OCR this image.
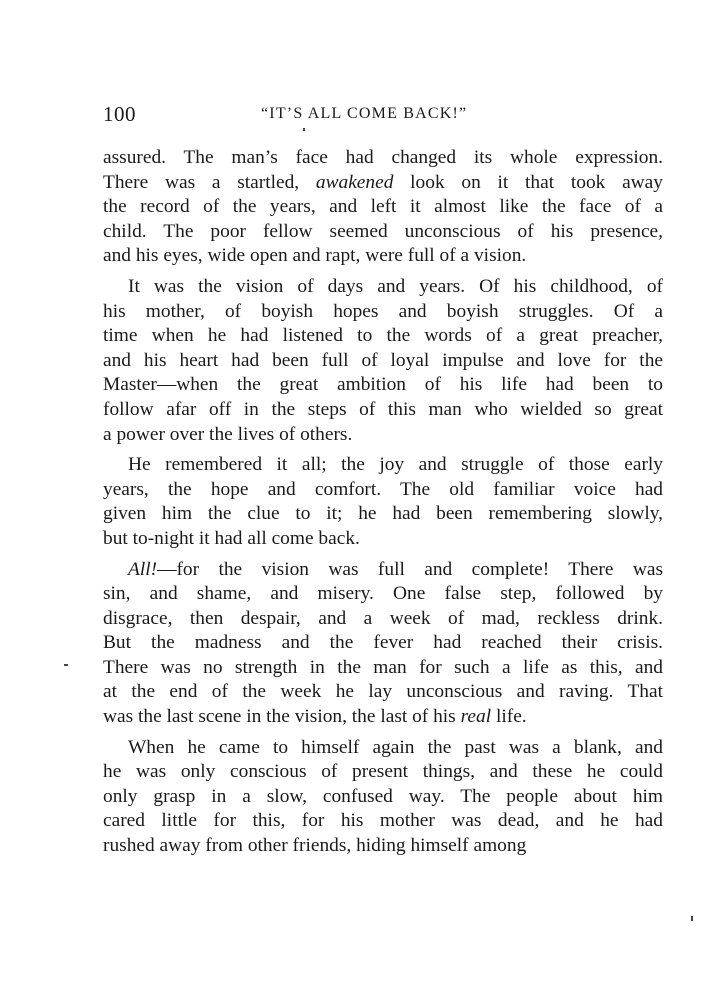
100	“IT’S ALL COME BACK!”
assured. The man’s face had changed its whole expression.
There was a startled, awakened look on it that took away
the record of the years, and left it almost like the face of a
child. The poor fellow seemed unconscious of his presence,
and his eyes, wide open and rapt, were full of a vision.
It was the vision of days and years. Of his childhood, of
his mother, of boyish hopes and boyish struggles. Of a
time when he had listened to the words of a great preacher,
and his heart had been full of loyal impulse and love for the
Master—when the great ambition of his life had been to
follow afar off in the steps of this man who wielded so great
a power over the lives of others.
He remembered it all; the joy and struggle of those early
years, the hope and comfort. The old familiar voice had
given him the clue to it; he had been remembering slowly,
but to-night it had all come back.
All!—for the vision was full and complete! There was
sin, and shame, and misery. One false step, followed by
disgrace, then despair, and a week of mad, reckless drink.
But the madness and the fever had reached their crisis.
There was no strength in the man for such a life as this, and
at the end of the week he lay unconscious and raving. That
was the last scene in the vision, the last of his real life.
When he came to himself again the past was a blank, and
he was only conscious of present things, and these he could
only grasp in a slow, confused way. The people about him
cared little for this, for his mother was dead, and he had
rushed away from other friends, hiding himself among
